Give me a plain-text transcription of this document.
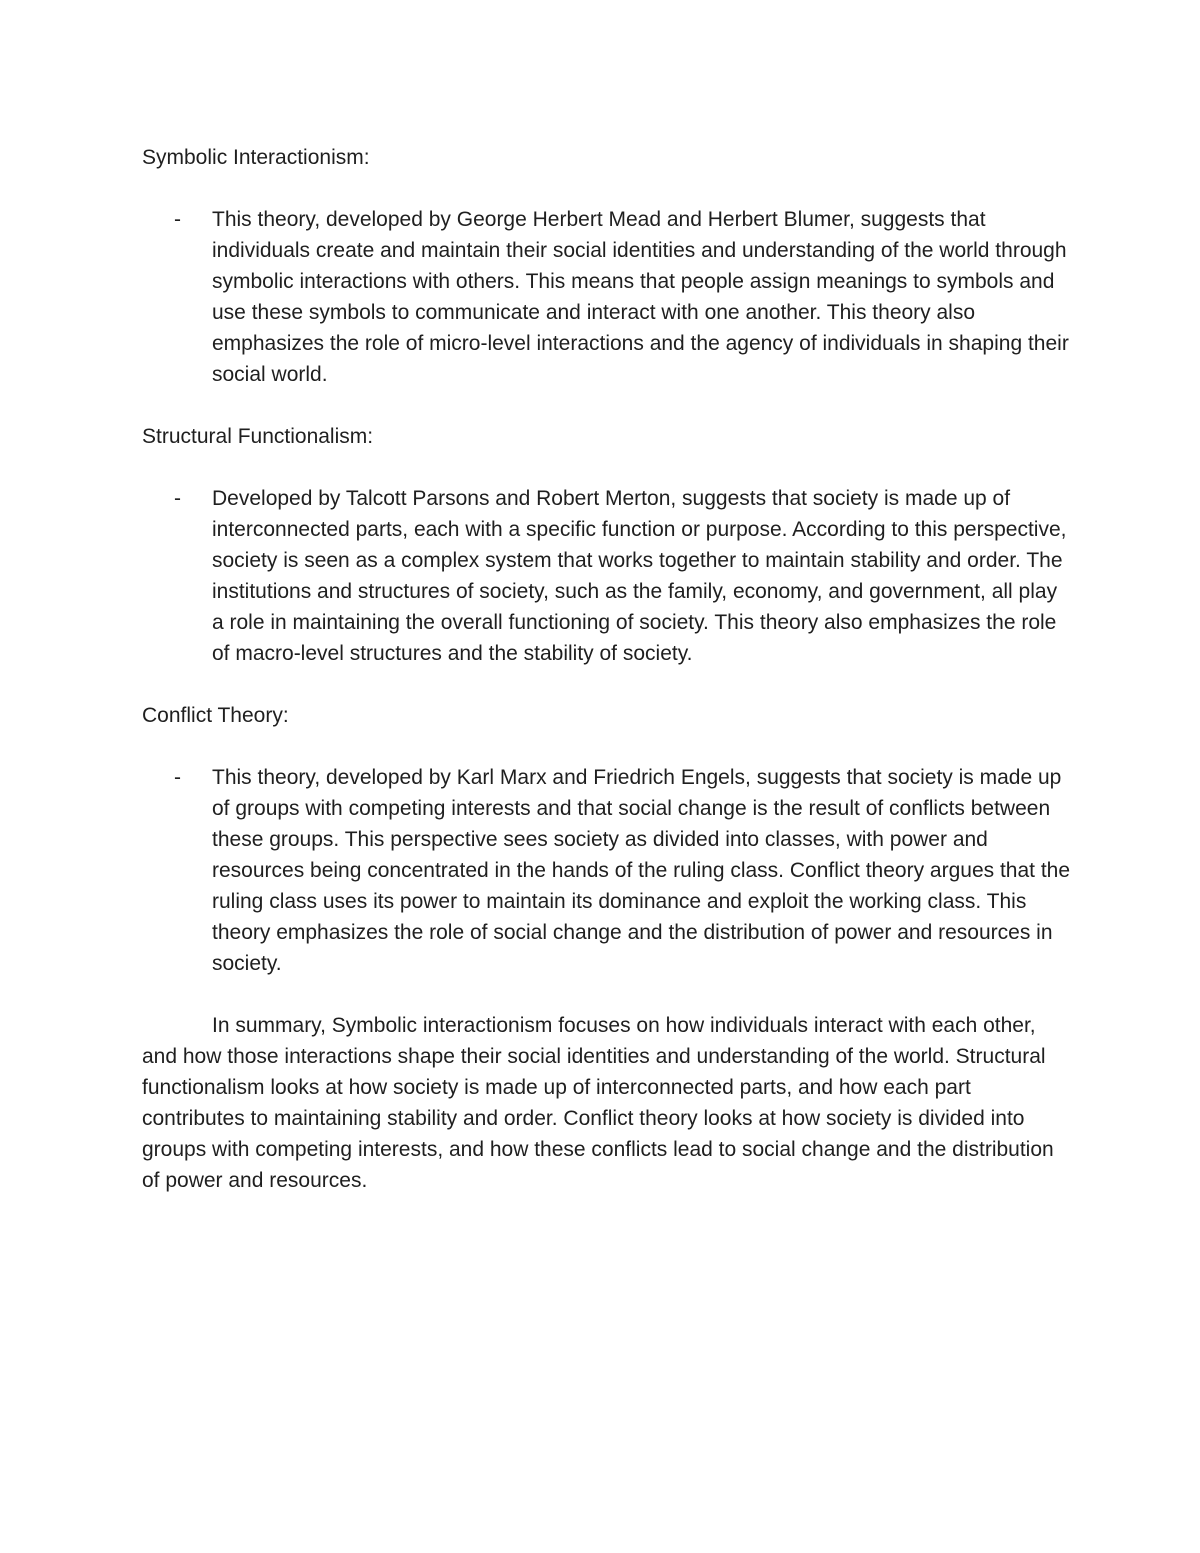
Symbolic Interactionism:

- This theory, developed by George Herbert Mead and Herbert Blumer, suggests that individuals create and maintain their social identities and understanding of the world through symbolic interactions with others. This means that people assign meanings to symbols and use these symbols to communicate and interact with one another. This theory also emphasizes the role of micro-level interactions and the agency of individuals in shaping their social world.

Structural Functionalism:

- Developed by Talcott Parsons and Robert Merton, suggests that society is made up of interconnected parts, each with a specific function or purpose. According to this perspective, society is seen as a complex system that works together to maintain stability and order. The institutions and structures of society, such as the family, economy, and government, all play a role in maintaining the overall functioning of society. This theory also emphasizes the role of macro-level structures and the stability of society.

Conflict Theory:

- This theory, developed by Karl Marx and Friedrich Engels, suggests that society is made up of groups with competing interests and that social change is the result of conflicts between these groups. This perspective sees society as divided into classes, with power and resources being concentrated in the hands of the ruling class. Conflict theory argues that the ruling class uses its power to maintain its dominance and exploit the working class. This theory emphasizes the role of social change and the distribution of power and resources in society.

In summary, Symbolic interactionism focuses on how individuals interact with each other, and how those interactions shape their social identities and understanding of the world. Structural functionalism looks at how society is made up of interconnected parts, and how each part contributes to maintaining stability and order. Conflict theory looks at how society is divided into groups with competing interests, and how these conflicts lead to social change and the distribution of power and resources.
